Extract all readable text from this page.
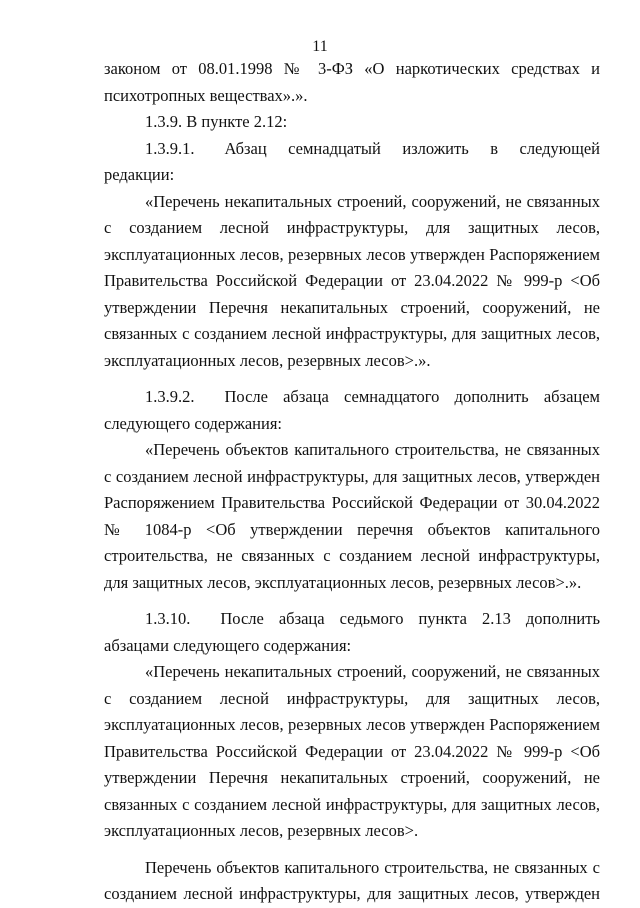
11

законом от 08.01.1998 № 3-ФЗ «О наркотических средствах и психотропных веществах».».

1.3.9. В пункте 2.12:

1.3.9.1. Абзац семнадцатый изложить в следующей редакции:

«Перечень некапитальных строений, сооружений, не связанных с созданием лесной инфраструктуры, для защитных лесов, эксплуатационных лесов, резервных лесов утвержден Распоряжением Правительства Российской Федерации от 23.04.2022 № 999-р <Об утверждении Перечня некапитальных строений, сооружений, не связанных с созданием лесной инфраструктуры, для защитных лесов, эксплуатационных лесов, резервных лесов>.».

1.3.9.2. После абзаца семнадцатого дополнить абзацем следующего содержания:

«Перечень объектов капитального строительства, не связанных с созданием лесной инфраструктуры, для защитных лесов, утвержден Распоряжением Правительства Российской Федерации от 30.04.2022 № 1084-р <Об утверждении перечня объектов капитального строительства, не связанных с созданием лесной инфраструктуры, для защитных лесов, эксплуатационных лесов, резервных лесов>.».

1.3.10. После абзаца седьмого пункта 2.13 дополнить абзацами следующего содержания:

«Перечень некапитальных строений, сооружений, не связанных с созданием лесной инфраструктуры, для защитных лесов, эксплуатационных лесов, резервных лесов утвержден Распоряжением Правительства Российской Федерации от 23.04.2022 № 999-р <Об утверждении Перечня некапитальных строений, сооружений, не связанных с созданием лесной инфраструктуры, для защитных лесов, эксплуатационных лесов, резервных лесов>.

Перечень объектов капитального строительства, не связанных с созданием лесной инфраструктуры, для защитных лесов, утвержден
